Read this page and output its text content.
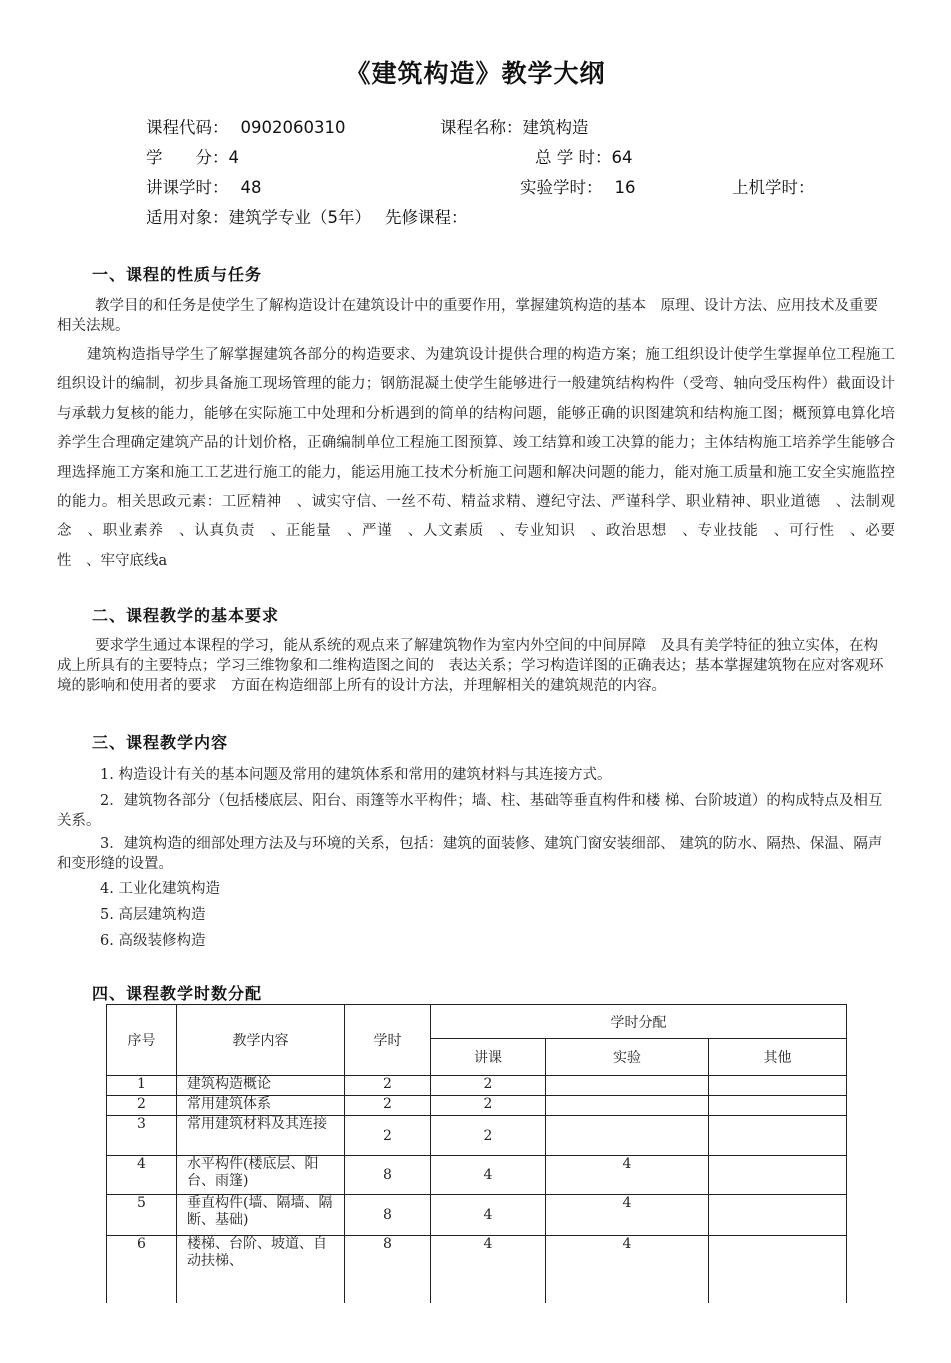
《建筑构造》教学大纲
课程代码： 0902060310	课程名称：建筑构造
学　　分：4	总 学 时：64
讲课学时： 48	实验学时： 16	上机学时：
适用对象：建筑学专业（5年） 先修课程：
一、课程的性质与任务
教学目的和任务是使学生了解构造设计在建筑设计中的重要作用，掌握建筑构造的基本　原理、设计方法、应用技术及重要相关法规。
建筑构造指导学生了解掌握建筑各部分的构造要求、为建筑设计提供合理的构造方案；施工组织设计使学生掌握单位工程施工组织设计的编制，初步具备施工现场管理的能力；钢筋混凝土使学生能够进行一般建筑结构构件（受弯、轴向受压构件）截面设计与承载力复核的能力，能够在实际施工中处理和分析遇到的简单的结构问题，能够正确的识图建筑和结构施工图；概预算电算化培养学生合理确定建筑产品的计划价格，正确编制单位工程施工图预算、竣工结算和竣工决算的能力；主体结构施工培养学生能够合理选择施工方案和施工工艺进行施工的能力，能运用施工技术分析施工问题和解决问题的能力，能对施工质量和施工安全实施监控的能力。相关思政元素：工匠精神　、诚实守信、一丝不苟、精益求精、遵纪守法、严谨科学、职业精神、职业道德　、法制观念　、职业素养　、认真负责　、正能量　、严谨　、人文素质　、专业知识　、政治思想　、专业技能　、可行性　、必要性　、牢守底线a
二、课程教学的基本要求
要求学生通过本课程的学习，能从系统的观点来了解建筑物作为室内外空间的中间屏障　及具有美学特征的独立实体，在构成上所具有的主要特点；学习三维物象和二维构造图之间的　表达关系；学习构造详图的正确表达；基本掌握建筑物在应对客观环境的影响和使用者的要求　方面在构造细部上所有的设计方法，并理解相关的建筑规范的内容。
三、课程教学内容
1. 构造设计有关的基本问题及常用的建筑体系和常用的建筑材料与其连接方式。
2．建筑物各部分（包括楼底层、阳台、雨篷等水平构件；墙、柱、基础等垂直构件和楼 梯、台阶坡道）的构成特点及相互关系。
3．建筑构造的细部处理方法及与环境的关系，包括：建筑的面装修、建筑门窗安装细部、 建筑的防水、隔热、保温、隔声和变形缝的设置。
4. 工业化建筑构造
5. 高层建筑构造
6. 高级装修构造
四、课程教学时数分配
序号	教学内容	学时	学时分配		
			讲课	实验	其他
1	建筑构造概论	2	2		
2	常用建筑体系	2	2		
3	常用建筑材料及其连接	2	2		
4	水平构件(楼底层、阳 台、雨篷)	8	4	4	
5	垂直构件(墙、隔墙、隔 断、基础)	8	4	4	
6	楼梯、台阶、坡道、自　动扶梯、	8	4	4	
